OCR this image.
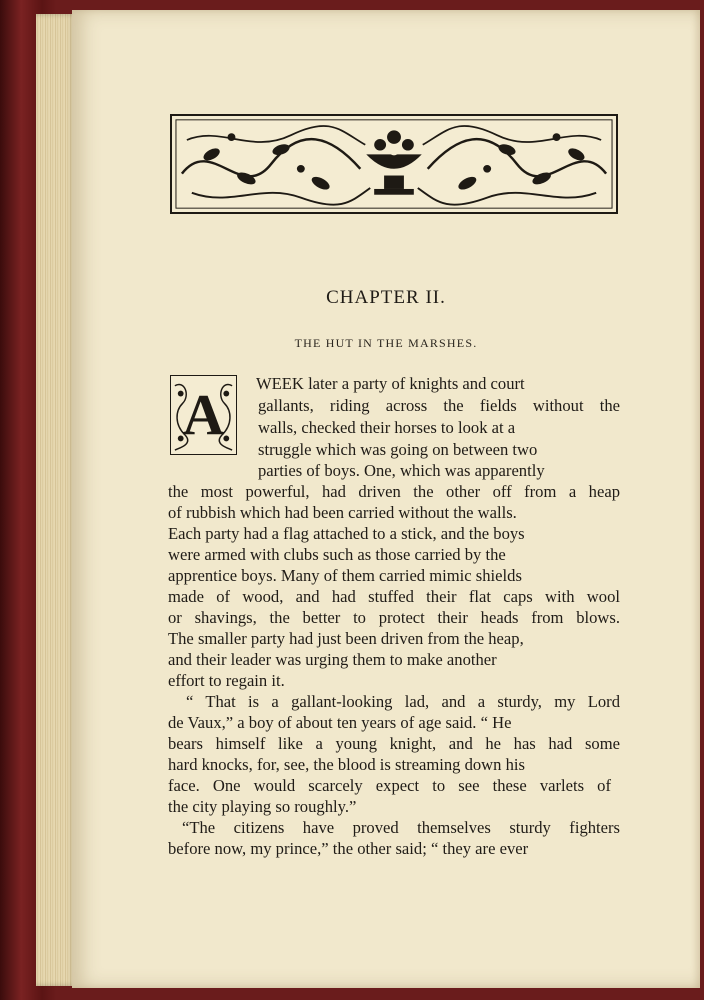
CHAPTER II.
THE HUT IN THE MARSHES.
A	WEEK later a party of knights and court
gallants, riding across the fields without the
walls, checked their horses to look at a
struggle which was going on between two
parties of boys. One, which was apparently
the most powerful, had driven the other off from a heap
of rubbish which had been carried without the walls.
Each party had a flag attached to a stick, and the boys
were armed with clubs such as those carried by the
apprentice boys. Many of them carried mimic shields
made of wood, and had stuffed their flat caps with wool
or shavings, the better to protect their heads from blows.
The smaller party had just been driven from the heap,
and their leader was urging them to make another
effort to regain it.
“ That is a gallant-looking lad, and a sturdy, my Lord
de Vaux,” a boy of about ten years of age said. “ He
bears himself like a young knight, and he has had some
hard knocks, for, see, the blood is streaming down his
face. One would scarcely expect to see these varlets of
the city playing so roughly.”
“The citizens have proved themselves sturdy fighters
before now, my prince,” the other said; “ they are ever
